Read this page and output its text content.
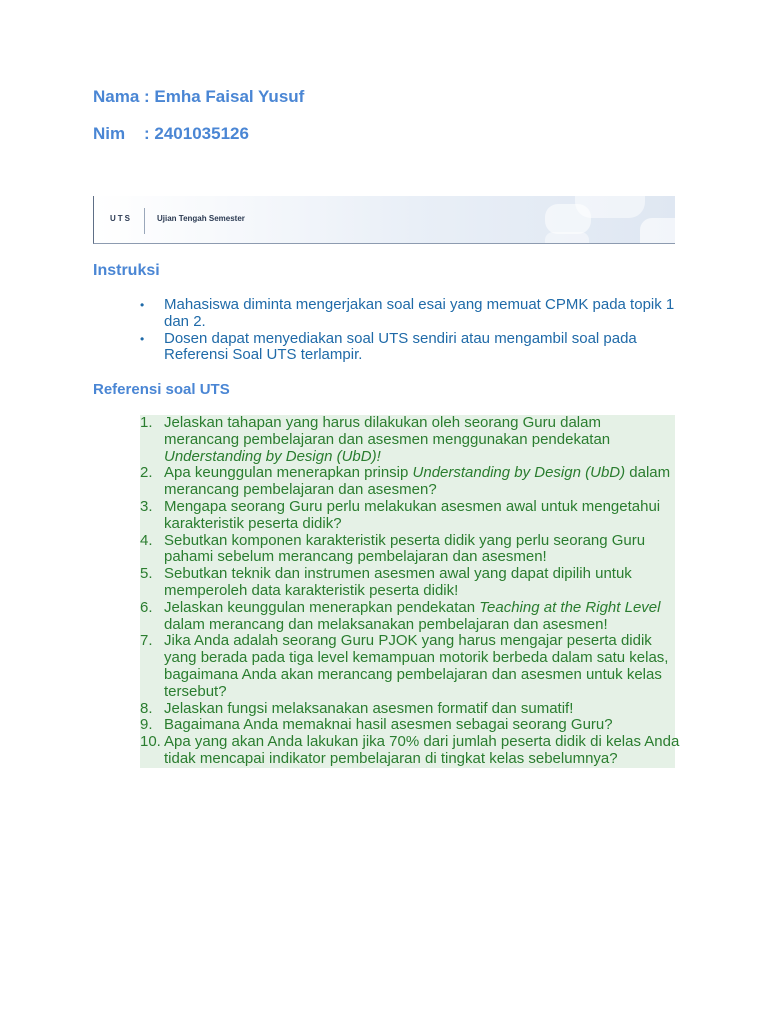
Nama : Emha Faisal Yusuf
Nim    : 2401035126
UTS	Ujian Tengah Semester
Instruksi
• Mahasiswa diminta mengerjakan soal esai yang memuat CPMK pada topik 1 dan 2.
• Dosen dapat menyediakan soal UTS sendiri atau mengambil soal pada Referensi Soal UTS terlampir.
Referensi soal UTS
1. Jelaskan tahapan yang harus dilakukan oleh seorang Guru dalam merancang pembelajaran dan asesmen menggunakan pendekatan Understanding by Design (UbD)!
2. Apa keunggulan menerapkan prinsip Understanding by Design (UbD) dalam merancang pembelajaran dan asesmen?
3. Mengapa seorang Guru perlu melakukan asesmen awal untuk mengetahui karakteristik peserta didik?
4. Sebutkan komponen karakteristik peserta didik yang perlu seorang Guru pahami sebelum merancang pembelajaran dan asesmen!
5. Sebutkan teknik dan instrumen asesmen awal yang dapat dipilih untuk memperoleh data karakteristik peserta didik!
6. Jelaskan keunggulan menerapkan pendekatan Teaching at the Right Level dalam merancang dan melaksanakan pembelajaran dan asesmen!
7. Jika Anda adalah seorang Guru PJOK yang harus mengajar peserta didik yang berada pada tiga level kemampuan motorik berbeda dalam satu kelas, bagaimana Anda akan merancang pembelajaran dan asesmen untuk kelas tersebut?
8. Jelaskan fungsi melaksanakan asesmen formatif dan sumatif!
9. Bagaimana Anda memaknai hasil asesmen sebagai seorang Guru?
10. Apa yang akan Anda lakukan jika 70% dari jumlah peserta didik di kelas Anda tidak mencapai indikator pembelajaran di tingkat kelas sebelumnya?
